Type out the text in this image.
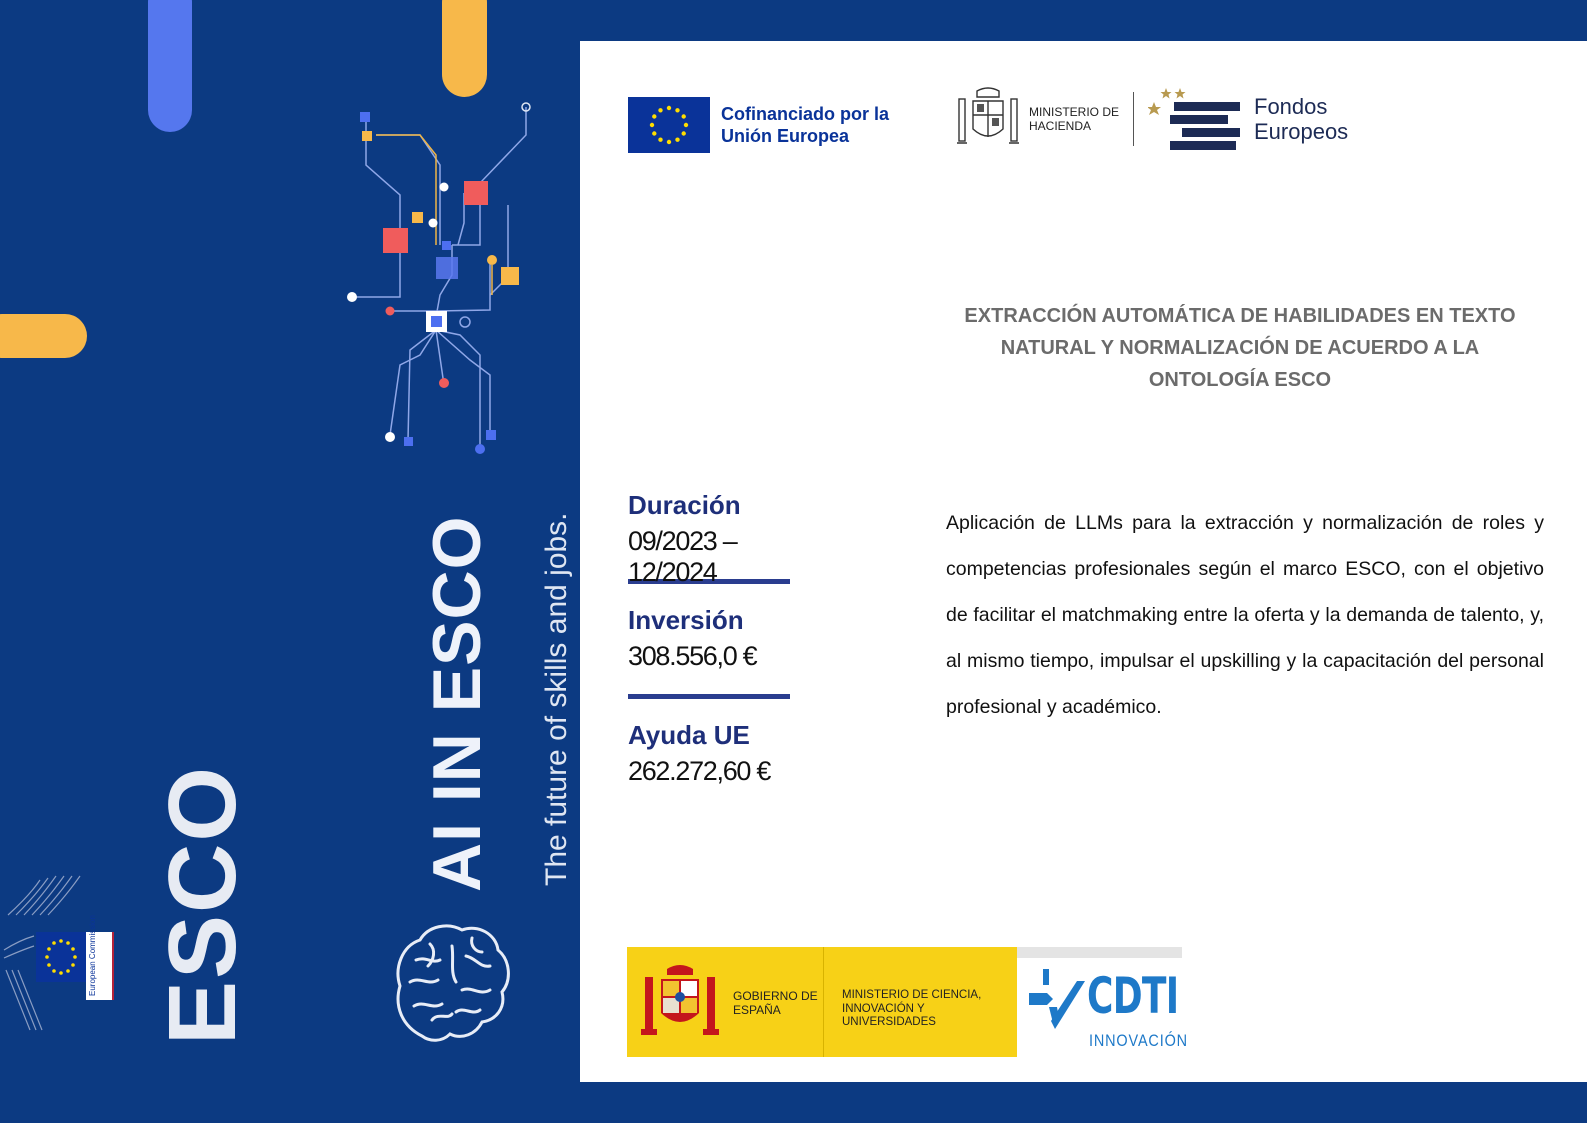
ESCO
AI IN ESCO The future of skills and jobs.
European Commission
Cofinanciado por la Unión Europea
MINISTERIO DE HACIENDA
Fondos Europeos
EXTRACCIÓN AUTOMÁTICA DE HABILIDADES EN TEXTO NATURAL Y NORMALIZACIÓN DE ACUERDO A LA ONTOLOGÍA ESCO
Duración
09/2023 – 12/2024
Inversión
308.556,0 €
Ayuda UE
262.272,60 €
Aplicación de LLMs para la extracción y normalización de roles y competencias profesionales según el marco ESCO, con el objetivo de facilitar el matchmaking entre la oferta y la demanda de talento, y, al mismo tiempo, impulsar el upskilling y la capacitación del personal profesional y académico.
GOBIERNO DE ESPAÑA
MINISTERIO DE CIENCIA, INNOVACIÓN Y UNIVERSIDADES	CDTI
INNOVACIÓN
